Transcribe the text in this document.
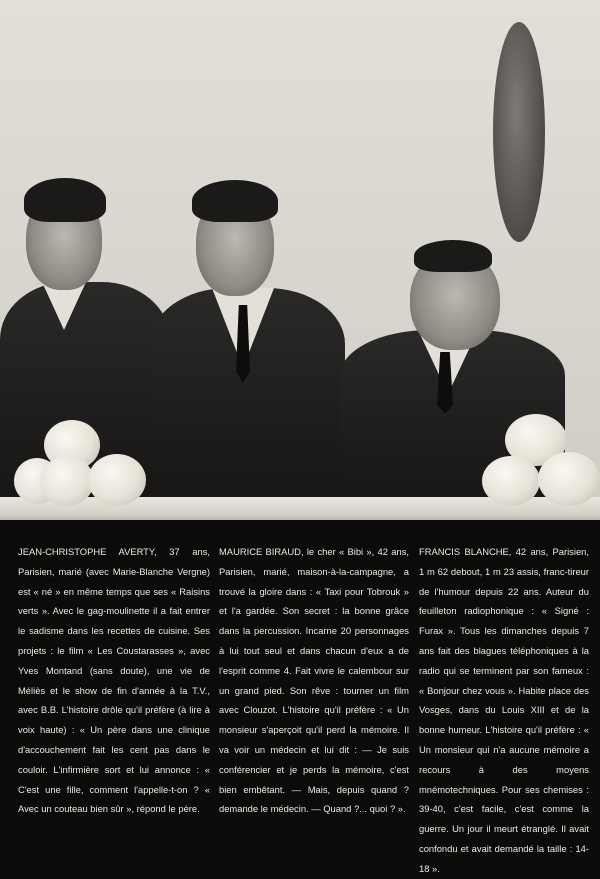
JEAN-CHRISTOPHE AVERTY, 37 ans, Parisien, marié (avec Marie-Blanche Vergne) est « né » en même temps que ses « Raisins verts ». Avec le gag-moulinette il a fait entrer le sadisme dans les recettes de cuisine. Ses projets : le film « Les Coustarasses », avec Yves Montand (sans doute), une vie de Méliès et le show de fin d'année à la T.V., avec B.B. L'histoire drôle qu'il préfère (à lire à voix haute) : « Un père dans une clinique d'accouchement fait les cent pas dans le couloir. L'infirmière sort et lui annonce : « C'est une fille, comment l'appelle-t-on ? « Avec un couteau bien sûr », répond le père.

MAURICE BIRAUD, le cher « Bibi », 42 ans, Parisien, marié, maison-à-la-campagne, a trouvé la gloire dans : « Taxi pour Tobrouk » et l'a gardée. Son secret : la bonne grâce dans la percussion. Incarne 20 personnages à lui tout seul et dans chacun d'eux a de l'esprit comme 4. Fait vivre le calembour sur un grand pied. Son rêve : tourner un film avec Clouzot. L'histoire qu'il préfère : « Un monsieur s'aperçoit qu'il perd la mémoire. Il va voir un médecin et lui dit : — Je suis conférencier et je perds la mémoire, c'est bien embêtant. — Mais, depuis quand ? demande le médecin. — Quand ?... quoi ? ».

FRANCIS BLANCHE, 42 ans, Parisien, 1 m 62 debout, 1 m 23 assis, franc-tireur de l'humour depuis 22 ans. Auteur du feuilleton radiophonique : « Signé : Furax ». Tous les dimanches depuis 7 ans fait des blagues téléphoniques à la radio qui se terminent par son fameux : « Bonjour chez vous ». Habite place des Vosges, dans du Louis XIII et de la bonne humeur. L'histoire qu'il préfère : « Un monsieur qui n'a aucune mémoire a recours à des moyens mnémotechniques. Pour ses chemises : 39-40, c'est facile, c'est comme la guerre. Un jour il meurt étranglé. Il avait confondu et avait demandé la taille : 14-18 ».
